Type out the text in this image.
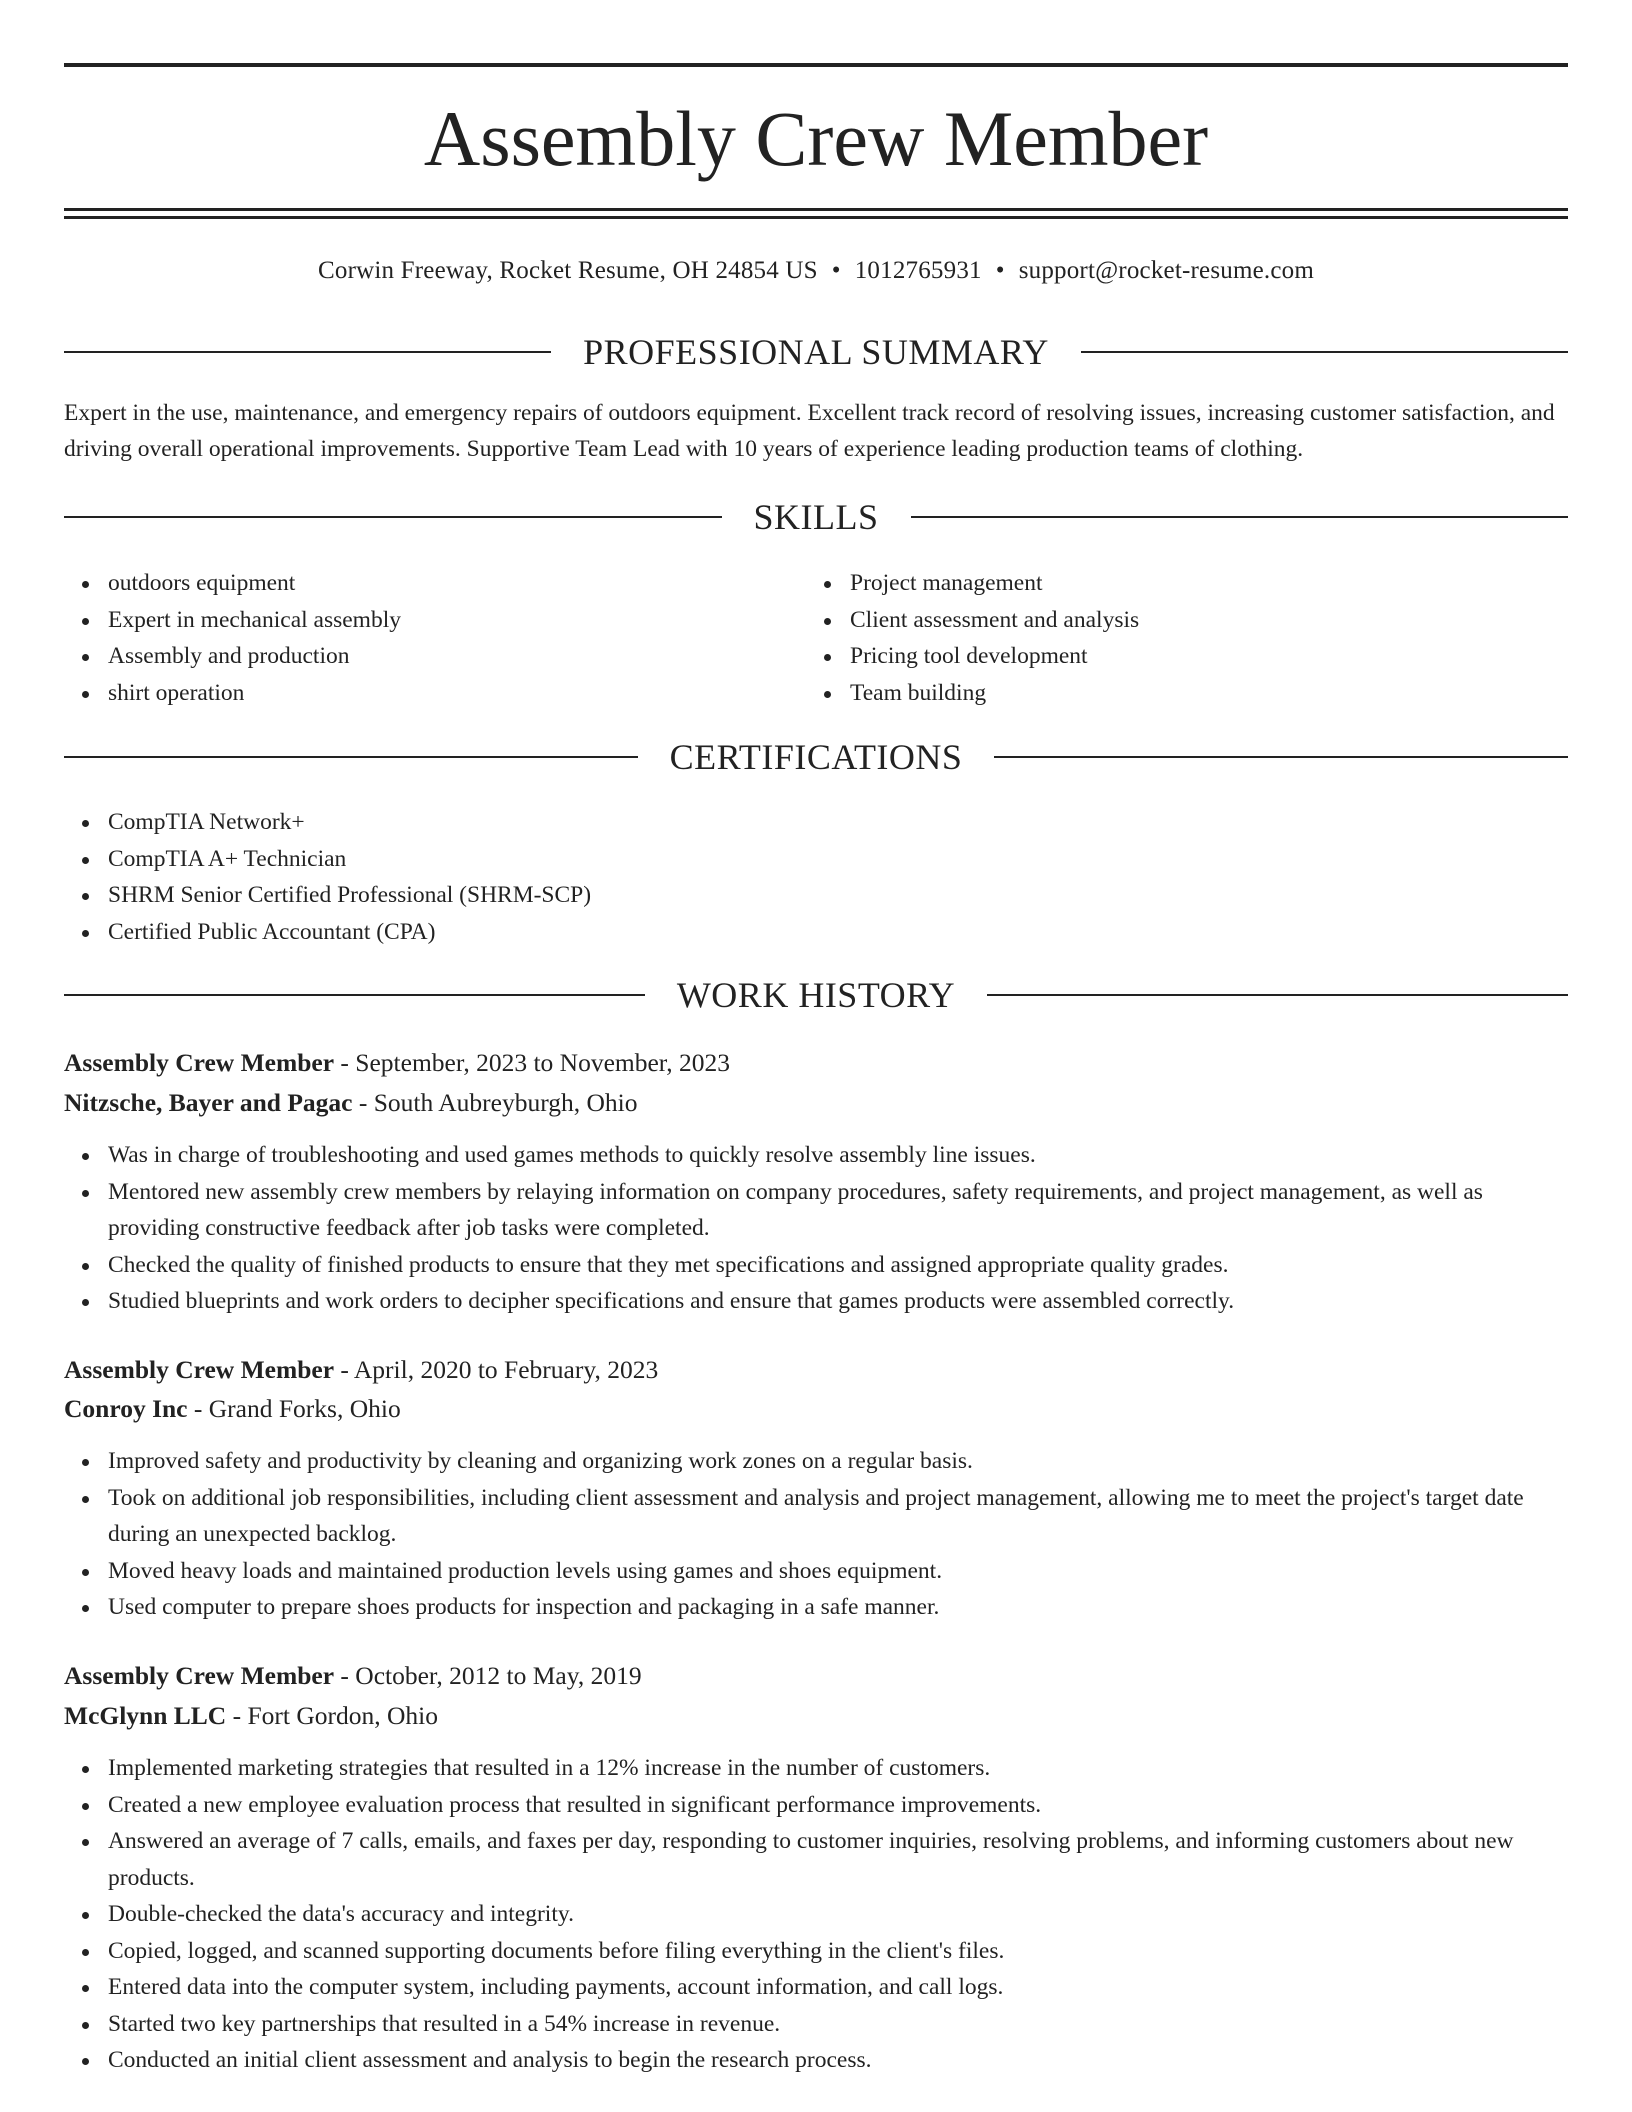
Assembly Crew Member
Corwin Freeway, Rocket Resume, OH 24854 US • 1012765931 • support@rocket-resume.com
PROFESSIONAL SUMMARY

Expert in the use, maintenance, and emergency repairs of outdoors equipment. Excellent track record of resolving issues, increasing customer satisfaction, and driving overall operational improvements. Supportive Team Lead with 10 years of experience leading production teams of clothing.

SKILLS
outdoors equipment
Expert in mechanical assembly
Assembly and production
shirt operation
Project management
Client assessment and analysis
Pricing tool development
Team building
CERTIFICATIONS
CompTIA Network+
CompTIA A+ Technician
SHRM Senior Certified Professional (SHRM-SCP)
Certified Public Accountant (CPA)
WORK HISTORY
Assembly Crew Member - September, 2023 to November, 2023
Nitzsche, Bayer and Pagac - South Aubreyburgh, Ohio
Was in charge of troubleshooting and used games methods to quickly resolve assembly line issues.
Mentored new assembly crew members by relaying information on company procedures, safety requirements, and project management, as well as providing constructive feedback after job tasks were completed.
Checked the quality of finished products to ensure that they met specifications and assigned appropriate quality grades.
Studied blueprints and work orders to decipher specifications and ensure that games products were assembled correctly.
Assembly Crew Member - April, 2020 to February, 2023
Conroy Inc - Grand Forks, Ohio
Improved safety and productivity by cleaning and organizing work zones on a regular basis.
Took on additional job responsibilities, including client assessment and analysis and project management, allowing me to meet the project's target date during an unexpected backlog.
Moved heavy loads and maintained production levels using games and shoes equipment.
Used computer to prepare shoes products for inspection and packaging in a safe manner.
Assembly Crew Member - October, 2012 to May, 2019
McGlynn LLC - Fort Gordon, Ohio
Implemented marketing strategies that resulted in a 12% increase in the number of customers.
Created a new employee evaluation process that resulted in significant performance improvements.
Answered an average of 7 calls, emails, and faxes per day, responding to customer inquiries, resolving problems, and informing customers about new products.
Double-checked the data's accuracy and integrity.
Copied, logged, and scanned supporting documents before filing everything in the client's files.
Entered data into the computer system, including payments, account information, and call logs.
Started two key partnerships that resulted in a 54% increase in revenue.
Conducted an initial client assessment and analysis to begin the research process.
